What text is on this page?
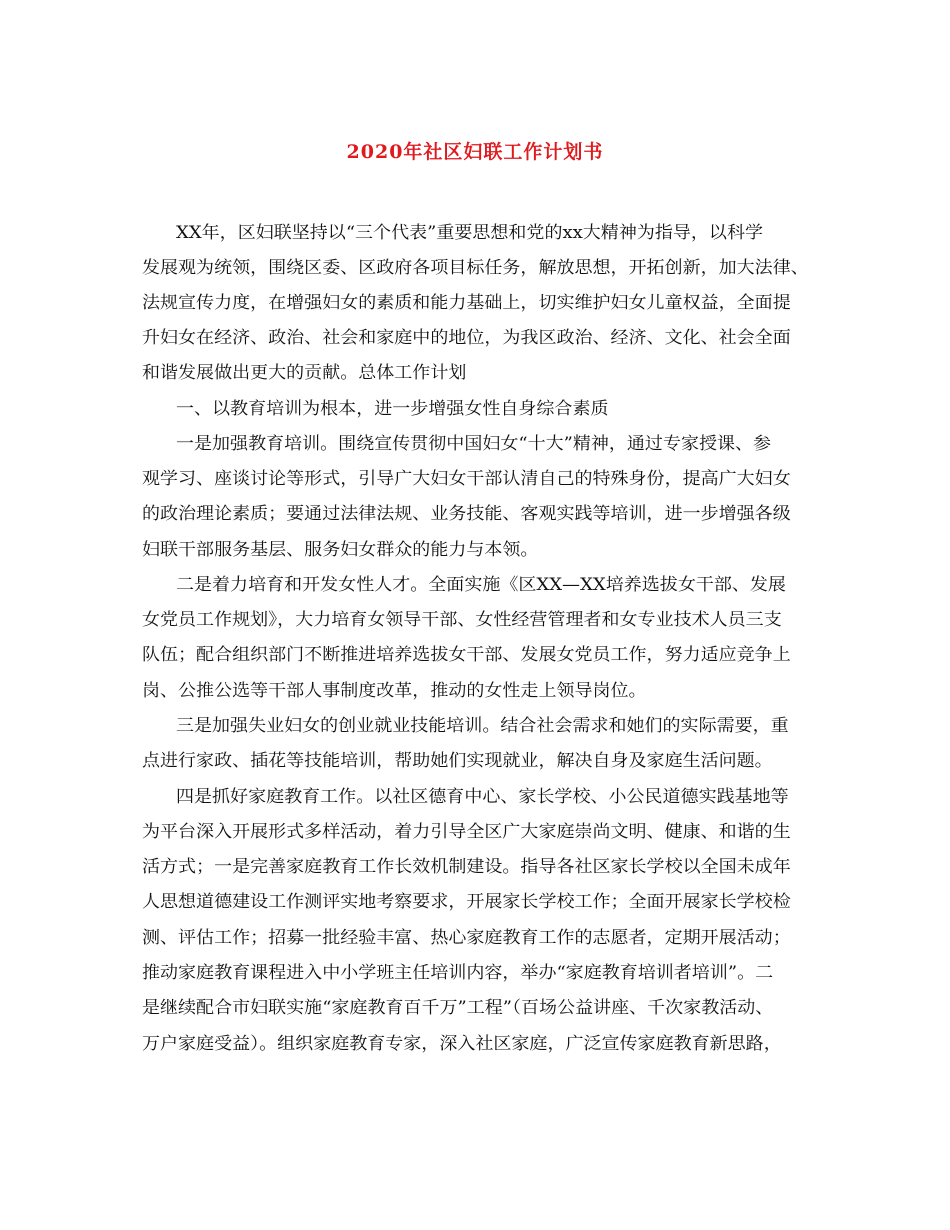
2020年社区妇联工作计划书
XX年，区妇联坚持以“三个代表”重要思想和党的xx大精神为指导，以科学
发展观为统领，围绕区委、区政府各项目标任务，解放思想，开拓创新，加大法律、
法规宣传力度，在增强妇女的素质和能力基础上，切实维护妇女儿童权益，全面提
升妇女在经济、政治、社会和家庭中的地位，为我区政治、经济、文化、社会全面
和谐发展做出更大的贡献。总体工作计划
一、以教育培训为根本，进一步增强女性自身综合素质
一是加强教育培训。围绕宣传贯彻中国妇女“十大”精神，通过专家授课、参
观学习、座谈讨论等形式，引导广大妇女干部认清自己的特殊身份，提高广大妇女
的政治理论素质；要通过法律法规、业务技能、客观实践等培训，进一步增强各级
妇联干部服务基层、服务妇女群众的能力与本领。
二是着力培育和开发女性人才。全面实施《区XX—XX培养选拔女干部、发展
女党员工作规划》，大力培育女领导干部、女性经营管理者和女专业技术人员三支
队伍；配合组织部门不断推进培养选拔女干部、发展女党员工作，努力适应竞争上
岗、公推公选等干部人事制度改革，推动的女性走上领导岗位。
三是加强失业妇女的创业就业技能培训。结合社会需求和她们的实际需要，重
点进行家政、插花等技能培训，帮助她们实现就业，解决自身及家庭生活问题。
四是抓好家庭教育工作。以社区德育中心、家长学校、小公民道德实践基地等
为平台深入开展形式多样活动，着力引导全区广大家庭崇尚文明、健康、和谐的生
活方式；一是完善家庭教育工作长效机制建设。指导各社区家长学校以全国未成年
人思想道德建设工作测评实地考察要求，开展家长学校工作；全面开展家长学校检
测、评估工作；招募一批经验丰富、热心家庭教育工作的志愿者，定期开展活动；
推动家庭教育课程进入中小学班主任培训内容，举办“家庭教育培训者培训”。二
是继续配合市妇联实施“家庭教育百千万”工程”（百场公益讲座、千次家教活动、
万户家庭受益）。组织家庭教育专家，深入社区家庭，广泛宣传家庭教育新思路，
